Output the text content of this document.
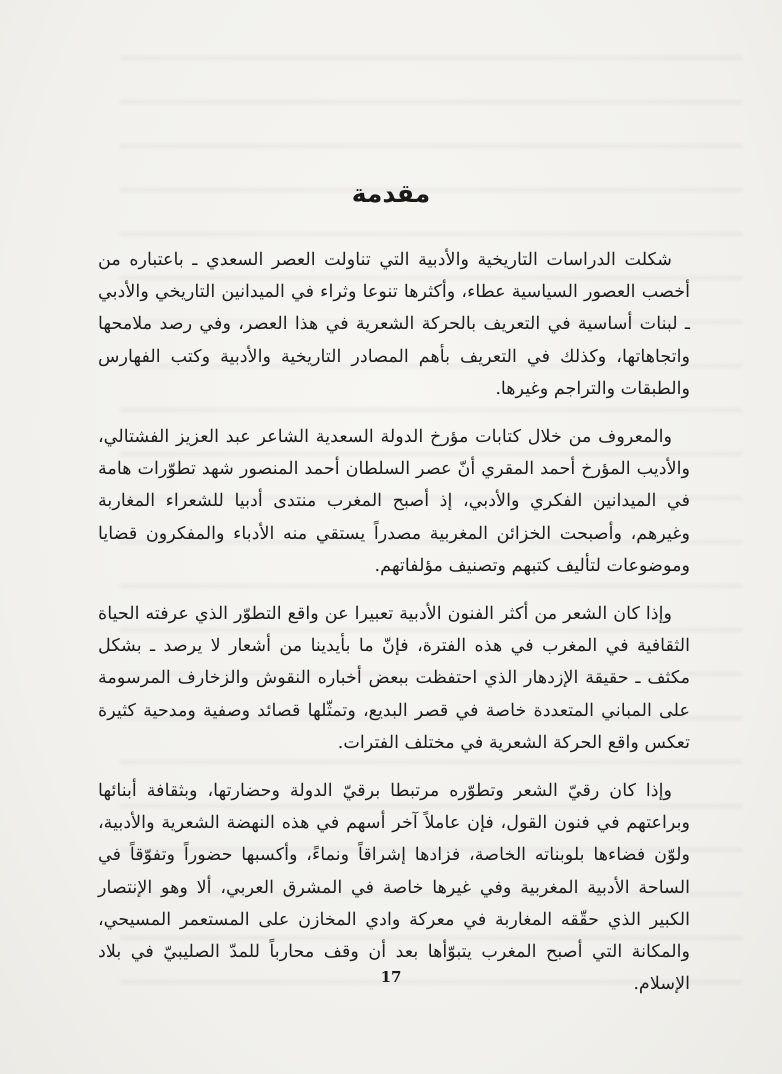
مقدمة

شكلت الدراسات التاريخية والأدبية التي تناولت العصر السعدي ـ باعتباره من أخصب العصور السياسية عطاء، وأكثرها تنوعا وثراء في الميدانين التاريخي والأدبي ـ لبنات أساسية في التعريف بالحركة الشعرية في هذا العصر، وفي رصد ملامحها واتجاهاتها، وكذلك في التعريف بأهم المصادر التاريخية والأدبية وكتب الفهارس والطبقات والتراجم وغيرها.

والمعروف من خلال كتابات مؤرخ الدولة السعدية الشاعر عبد العزيز الفشتالي، والأديب المؤرخ أحمد المقري أنّ عصر السلطان أحمد المنصور شهد تطوّرات هامة في الميدانين الفكري والأدبي، إذ أصبح المغرب منتدى أدبيا للشعراء المغاربة وغيرهم، وأصبحت الخزائن المغربية مصدراً يستقي منه الأدباء والمفكرون قضايا وموضوعات لتأليف كتبهم وتصنيف مؤلفاتهم.

وإذا كان الشعر من أكثر الفنون الأدبية تعبيرا عن واقع التطوّر الذي عرفته الحياة الثقافية في المغرب في هذه الفترة، فإنّ ما بأيدينا من أشعار لا يرصد ـ بشكل مكثف ـ حقيقة الإزدهار الذي احتفظت ببعض أخباره النقوش والزخارف المرسومة على المباني المتعددة خاصة في قصر البديع، وتمثّلها قصائد وصفية ومدحية كثيرة تعكس واقع الحركة الشعرية في مختلف الفترات.

وإذا كان رقيّ الشعر وتطوّره مرتبطا برقيّ الدولة وحضارتها، وبثقافة أبنائها وبراعتهم في فنون القول، فإن عاملاً آخر أسهم في هذه النهضة الشعرية والأدبية، ولوّن فضاءها بلوبناته الخاصة، فزادها إشراقاً ونماءً، وأكسبها حضوراً وتفوّقاً في الساحة الأدبية المغربية وفي غيرها خاصة في المشرق العربي، ألا وهو الإنتصار الكبير الذي حقّقه المغاربة في معركة وادي المخازن على المستعمر المسيحي، والمكانة التي أصبح المغرب يتبوّأها بعد أن وقف محارباً للمدّ الصليبيّ في بلاد الإسلام.

17
